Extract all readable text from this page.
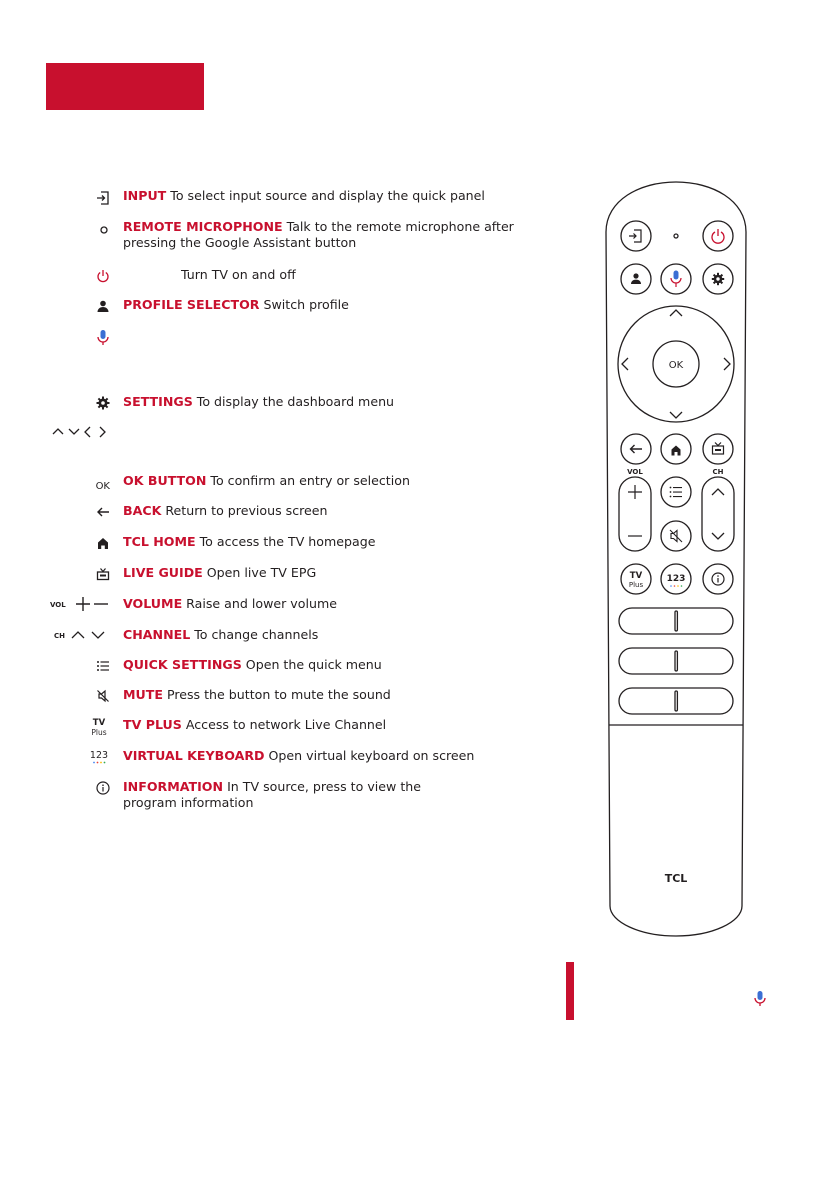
INPUT To select input source and display the quick panel
REMOTE MICROPHONE Talk to the remote microphone after pressing the Google Assistant button
Turn TV on and off
PROFILE SELECTOR Switch profile
SETTINGS To display the dashboard menu
OK OK BUTTON To confirm an entry or selection
BACK Return to previous screen
TCL HOME To access the TV homepage
LIVE GUIDE Open live TV EPG
VOL	VOLUME Raise and lower volume
CH	CHANNEL To change channels
QUICK SETTINGS Open the quick menu
MUTE Press the button to mute the sound
TV
Plus
TV PLUS Access to network Live Channel
123 VIRTUAL KEYBOARD Open virtual keyboard on screen
INFORMATION In TV source, press to view the program information
OK
VOL	CH
TV
Plus
123
TCL
